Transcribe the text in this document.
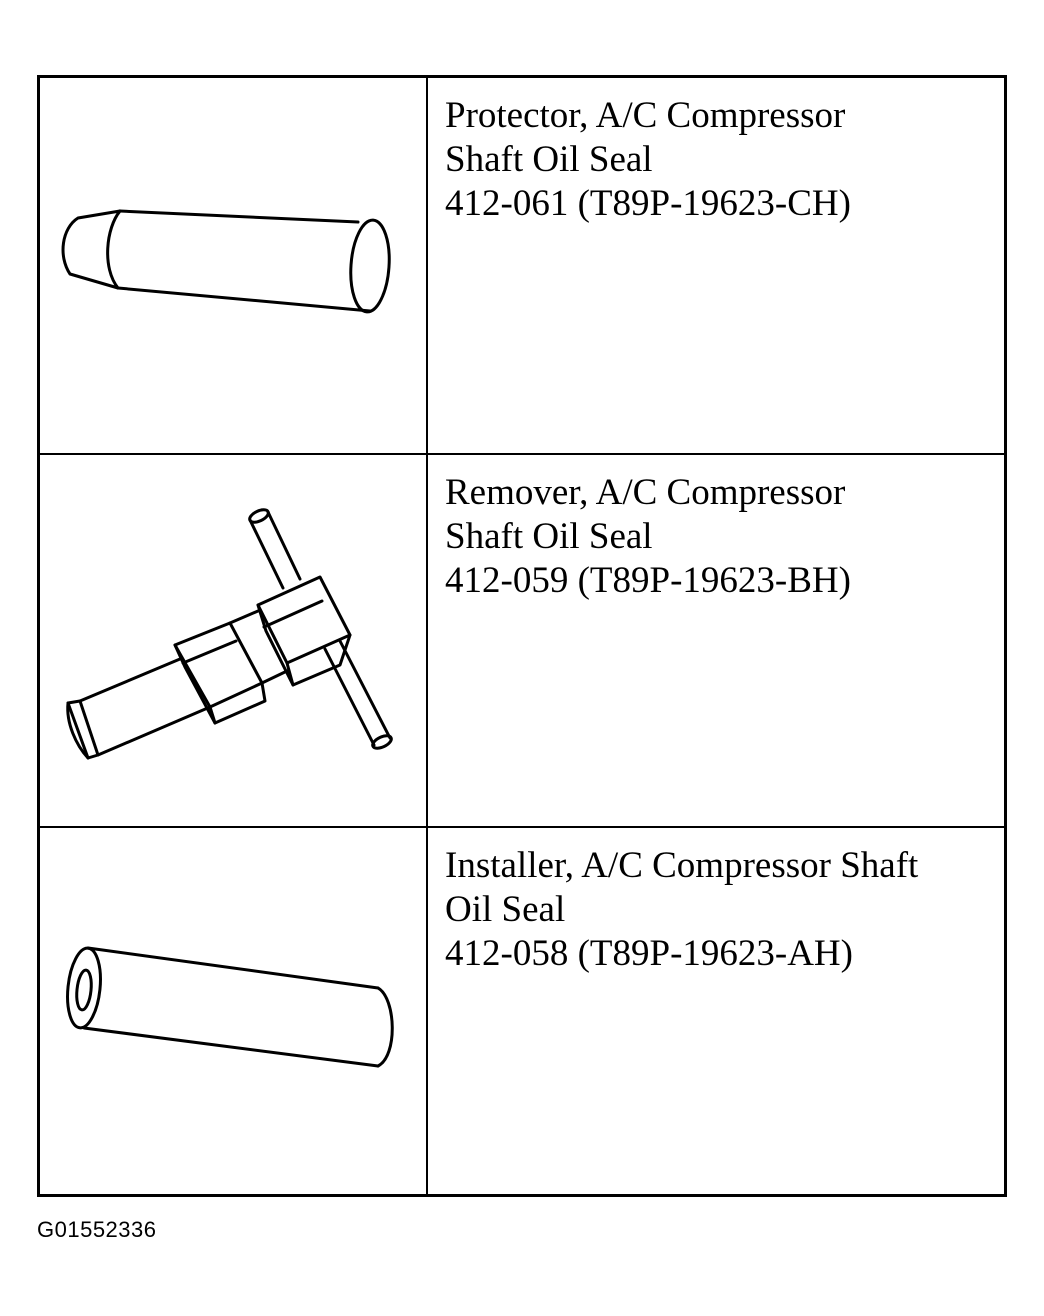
Protector, A/C Compressor
Shaft Oil Seal
412-061 (T89P-19623-CH)
Remover, A/C Compressor
Shaft Oil Seal
412-059 (T89P-19623-BH)
Installer, A/C Compressor Shaft
Oil Seal
412-058 (T89P-19623-AH)
G01552336
